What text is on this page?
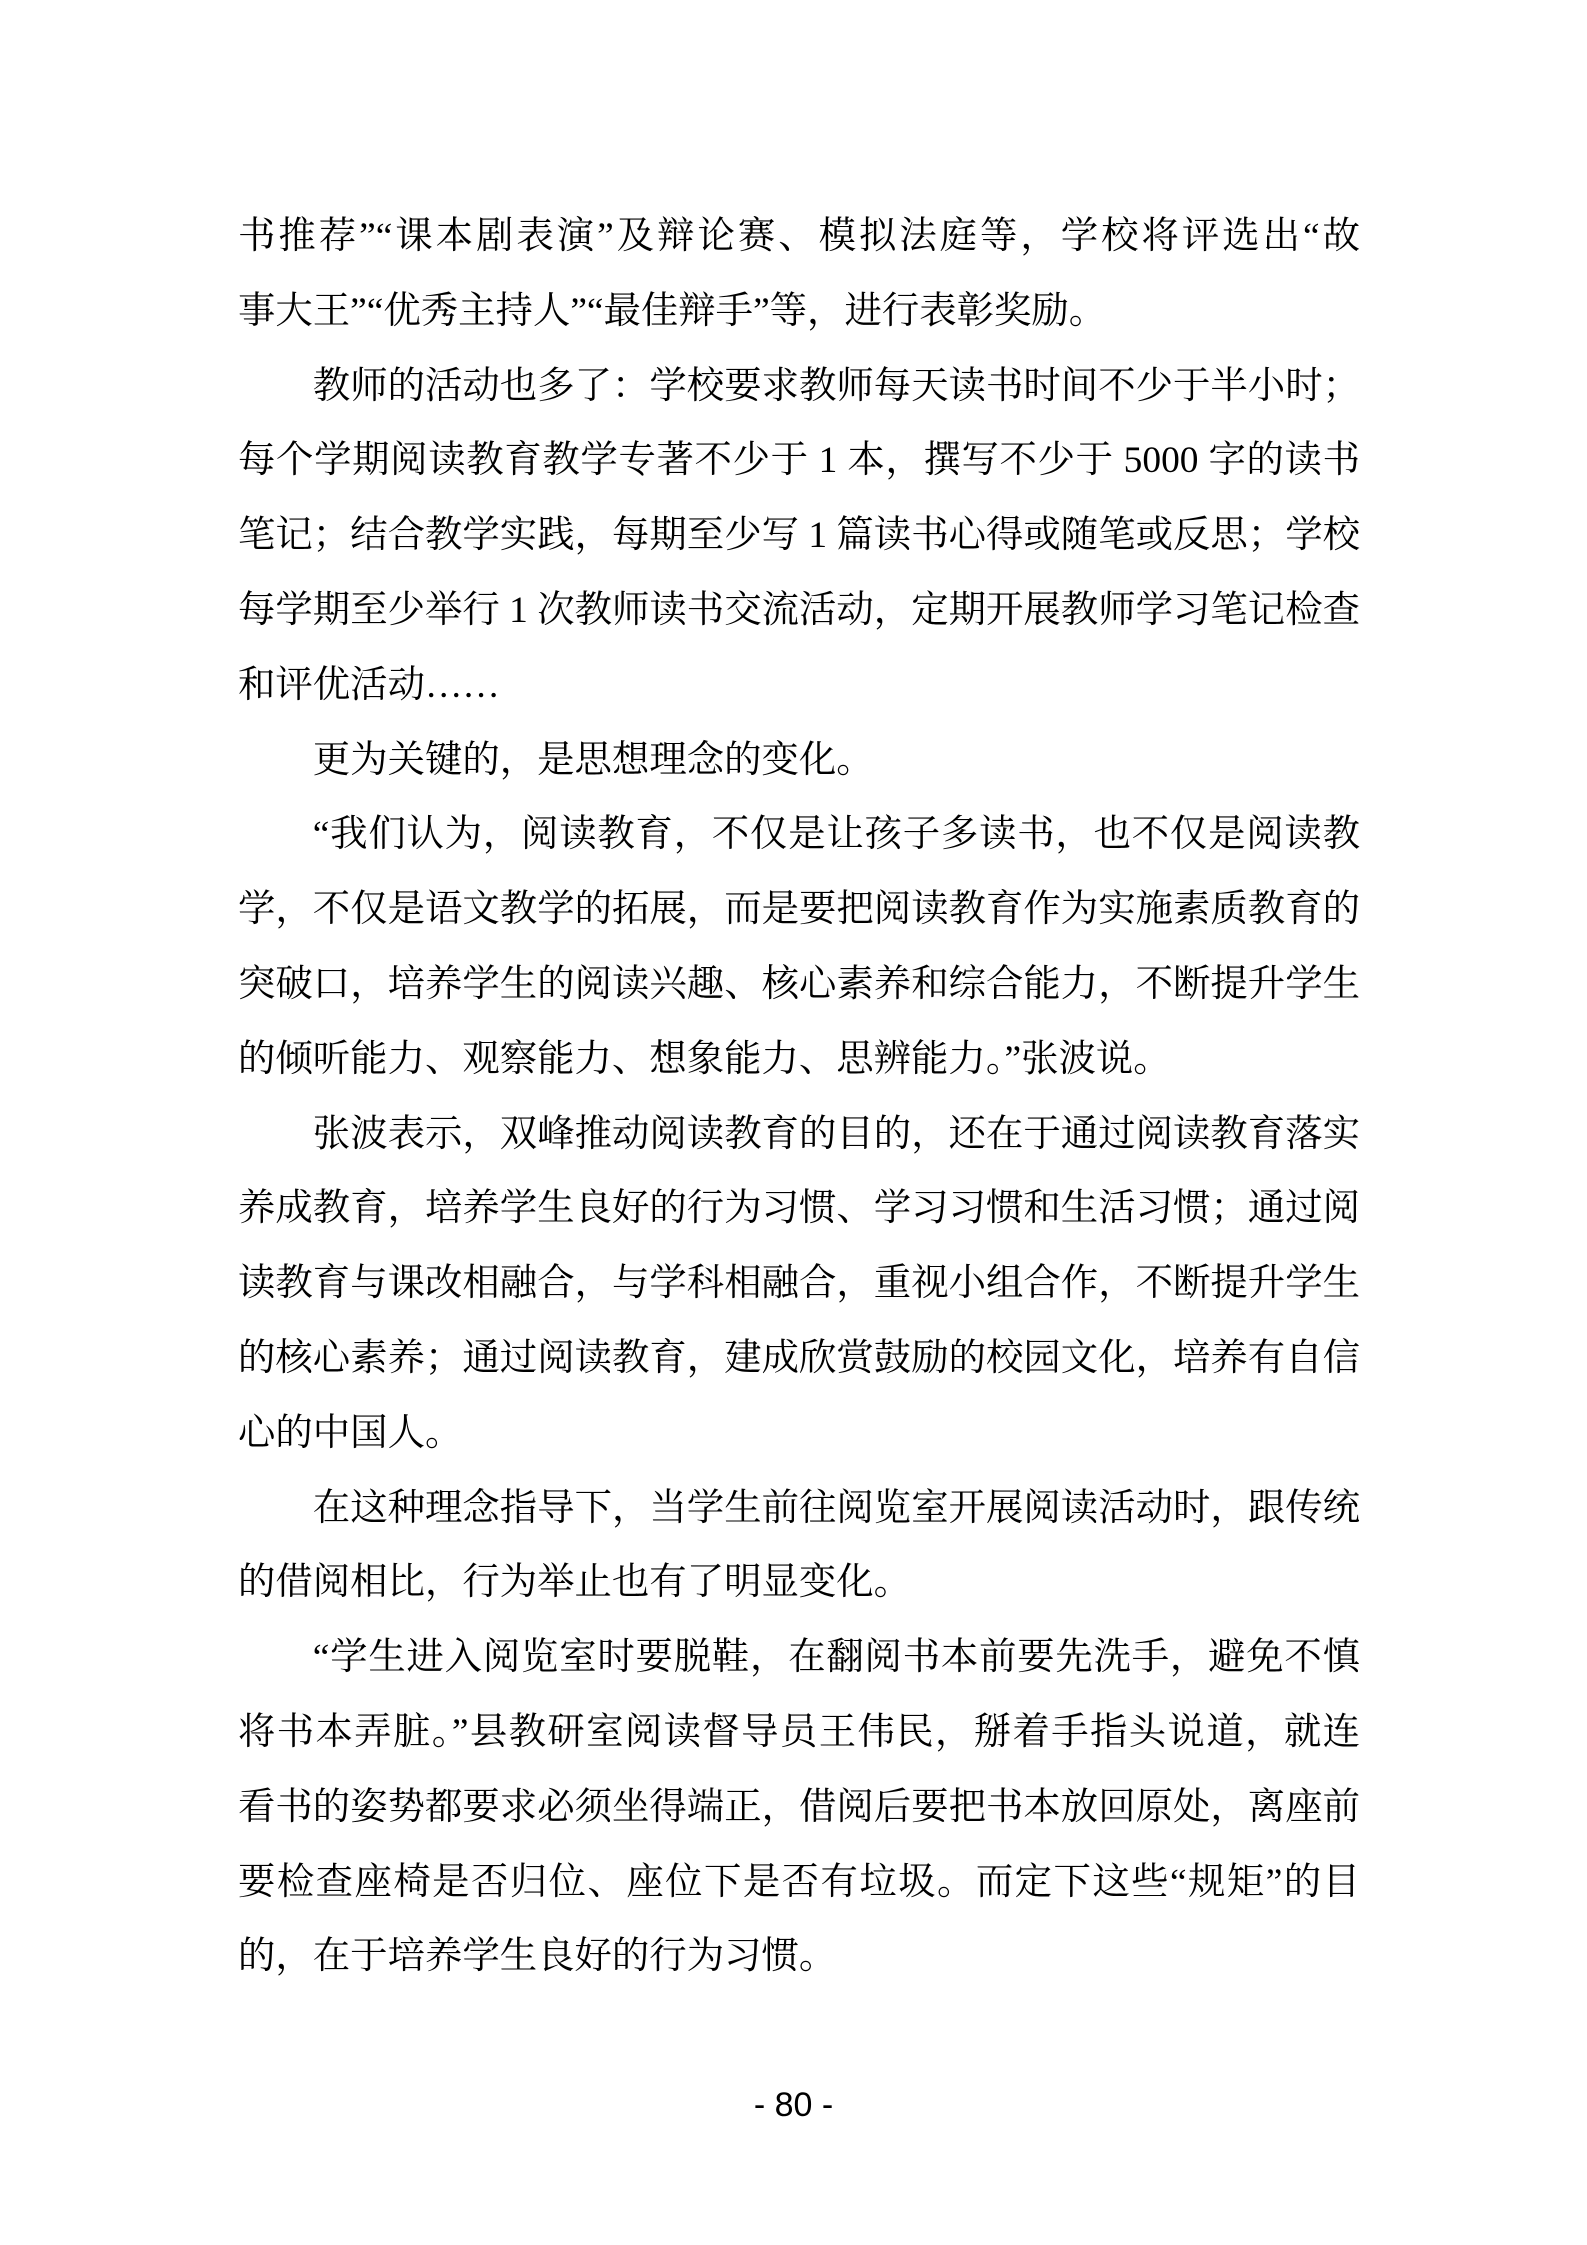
书推荐”“课本剧表演”及辩论赛、模拟法庭等，学校将评选出“故
事大王”“优秀主持人”“最佳辩手”等，进行表彰奖励。
教师的活动也多了：学校要求教师每天读书时间不少于半小时；
每个学期阅读教育教学专著不少于 1 本，撰写不少于 5000 字的读书
笔记；结合教学实践，每期至少写 1 篇读书心得或随笔或反思；学校
每学期至少举行 1 次教师读书交流活动，定期开展教师学习笔记检查
和评优活动……
更为关键的，是思想理念的变化。
“我们认为，阅读教育，不仅是让孩子多读书，也不仅是阅读教
学，不仅是语文教学的拓展，而是要把阅读教育作为实施素质教育的
突破口，培养学生的阅读兴趣、核心素养和综合能力，不断提升学生
的倾听能力、观察能力、想象能力、思辨能力。”张波说。
张波表示，双峰推动阅读教育的目的，还在于通过阅读教育落实
养成教育，培养学生良好的行为习惯、学习习惯和生活习惯；通过阅
读教育与课改相融合，与学科相融合，重视小组合作，不断提升学生
的核心素养；通过阅读教育，建成欣赏鼓励的校园文化，培养有自信
心的中国人。
在这种理念指导下，当学生前往阅览室开展阅读活动时，跟传统
的借阅相比，行为举止也有了明显变化。
“学生进入阅览室时要脱鞋，在翻阅书本前要先洗手，避免不慎
将书本弄脏。”县教研室阅读督导员王伟民，掰着手指头说道，就连
看书的姿势都要求必须坐得端正，借阅后要把书本放回原处，离座前
要检查座椅是否归位、座位下是否有垃圾。而定下这些“规矩”的目
的，在于培养学生良好的行为习惯。
- 80 -
